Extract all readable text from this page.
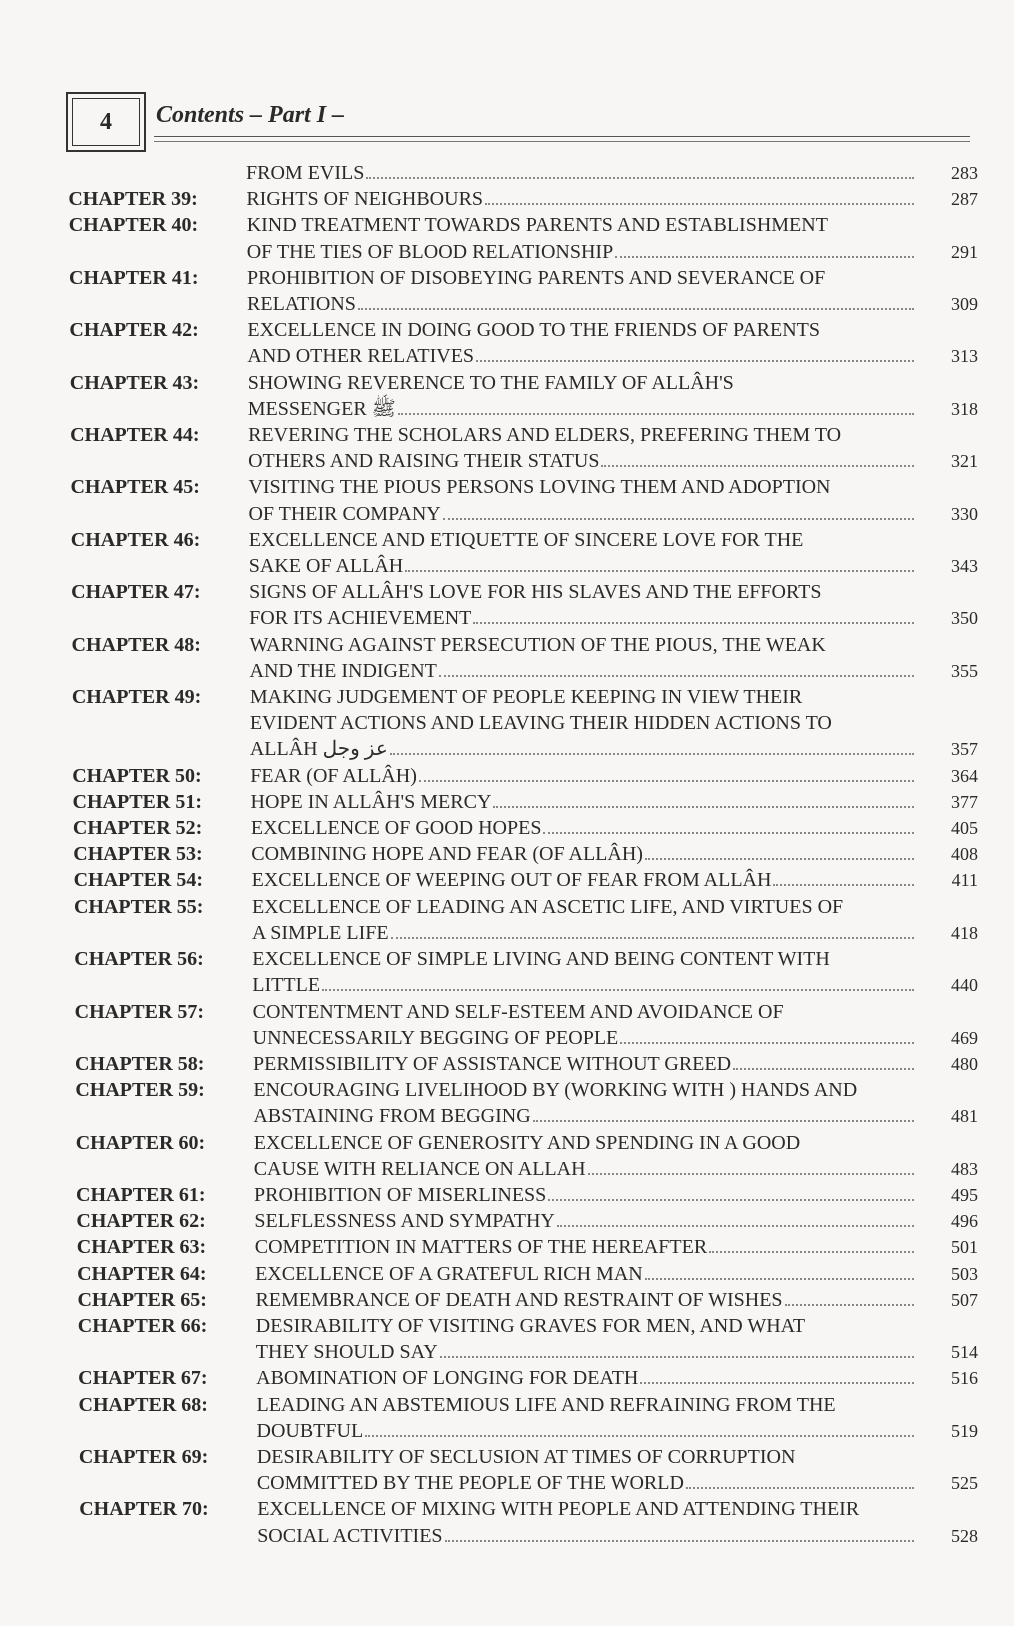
4	Contents – Part I –
FROM EVILS	283
CHAPTER 39:	RIGHTS OF NEIGHBOURS	287
CHAPTER 40:	KIND TREATMENT TOWARDS PARENTS AND ESTABLISHMENT
OF THE TIES OF BLOOD RELATIONSHIP	291
CHAPTER 41:	PROHIBITION OF DISOBEYING PARENTS AND SEVERANCE OF
RELATIONS	309
CHAPTER 42:	EXCELLENCE IN DOING GOOD TO THE FRIENDS OF PARENTS
AND OTHER RELATIVES	313
CHAPTER 43:	SHOWING REVERENCE TO THE FAMILY OF ALLÂH'S
MESSENGER ﷺ	318
CHAPTER 44:	REVERING THE SCHOLARS AND ELDERS, PREFERING THEM TO
OTHERS AND RAISING THEIR STATUS	321
CHAPTER 45:	VISITING THE PIOUS PERSONS LOVING THEM AND ADOPTION
OF THEIR COMPANY	330
CHAPTER 46:	EXCELLENCE AND ETIQUETTE OF SINCERE LOVE FOR THE
SAKE OF ALLÂH	343
CHAPTER 47:	SIGNS OF ALLÂH'S LOVE FOR HIS SLAVES AND THE EFFORTS
FOR ITS ACHIEVEMENT	350
CHAPTER 48:	WARNING AGAINST PERSECUTION OF THE PIOUS, THE WEAK
AND THE INDIGENT	355
CHAPTER 49:	MAKING JUDGEMENT OF PEOPLE KEEPING IN VIEW THEIR
EVIDENT ACTIONS AND LEAVING THEIR HIDDEN ACTIONS TO
ALLÂH عز وجل	357
CHAPTER 50:	FEAR (OF ALLÂH)	364
CHAPTER 51:	HOPE IN ALLÂH'S MERCY	377
CHAPTER 52:	EXCELLENCE OF GOOD HOPES	405
CHAPTER 53:	COMBINING HOPE AND FEAR (OF ALLÂH)	408
CHAPTER 54:	EXCELLENCE OF WEEPING OUT OF FEAR FROM ALLÂH	411
CHAPTER 55:	EXCELLENCE OF LEADING AN ASCETIC LIFE, AND VIRTUES OF
A SIMPLE LIFE	418
CHAPTER 56:	EXCELLENCE OF SIMPLE LIVING AND BEING CONTENT WITH
LITTLE	440
CHAPTER 57:	CONTENTMENT AND SELF-ESTEEM AND AVOIDANCE OF
UNNECESSARILY BEGGING OF PEOPLE	469
CHAPTER 58:	PERMISSIBILITY OF ASSISTANCE WITHOUT GREED	480
CHAPTER 59:	ENCOURAGING LIVELIHOOD BY (WORKING WITH ) HANDS AND
ABSTAINING FROM BEGGING	481
CHAPTER 60:	EXCELLENCE OF GENEROSITY AND SPENDING IN A GOOD
CAUSE WITH RELIANCE ON ALLAH	483
CHAPTER 61:	PROHIBITION OF MISERLINESS	495
CHAPTER 62:	SELFLESSNESS AND SYMPATHY	496
CHAPTER 63:	COMPETITION IN MATTERS OF THE HEREAFTER	501
CHAPTER 64:	EXCELLENCE OF A GRATEFUL RICH MAN	503
CHAPTER 65:	REMEMBRANCE OF DEATH AND RESTRAINT OF WISHES	507
CHAPTER 66:	DESIRABILITY OF VISITING GRAVES FOR MEN, AND WHAT
THEY SHOULD SAY	514
CHAPTER 67:	ABOMINATION OF LONGING FOR DEATH	516
CHAPTER 68:	LEADING AN ABSTEMIOUS LIFE AND REFRAINING FROM THE
DOUBTFUL	519
CHAPTER 69:	DESIRABILITY OF SECLUSION AT TIMES OF CORRUPTION
COMMITTED BY THE PEOPLE OF THE WORLD	525
CHAPTER 70:	EXCELLENCE OF MIXING WITH PEOPLE AND ATTENDING THEIR
SOCIAL ACTIVITIES	528
